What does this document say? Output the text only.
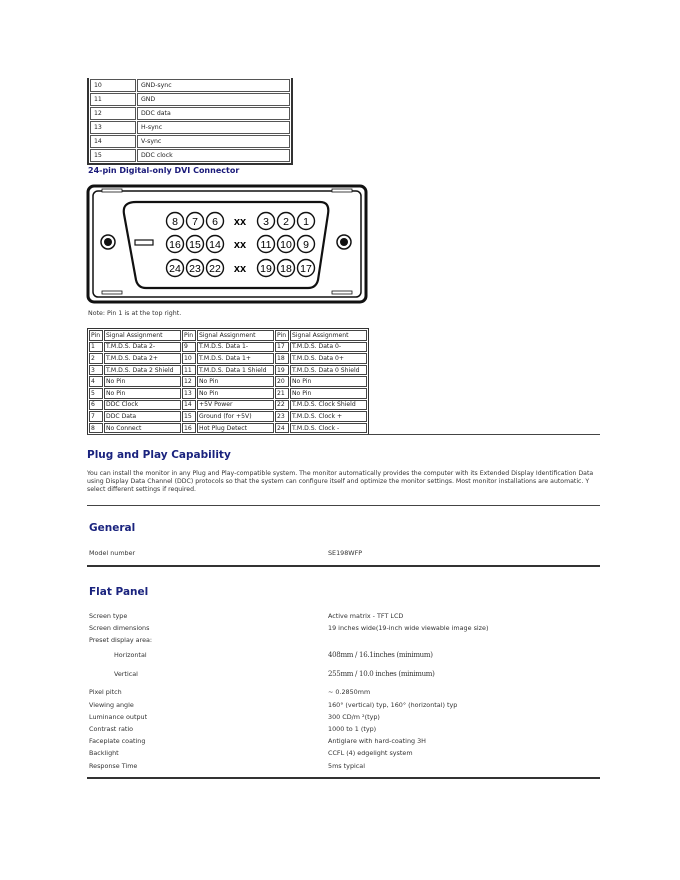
10	GND-sync
11	GND
12	DDC data
13	H-sync
14	V-sync
15	DDC clock
24-pin Digital-only DVI Connector
8 7 6 xx 3 2 1
16 15 14 xx 11 10 9
24 23 22 xx 19 18 17
Note: Pin 1 is at the top right.
Pin	Signal Assignment	Pin	Signal Assignment	Pin	Signal Assignment
1	T.M.D.S. Data 2-	9	T.M.D.S. Data 1-	17	T.M.D.S. Data 0-
2	T.M.D.S. Data 2+	10	T.M.D.S. Data 1+	18	T.M.D.S. Data 0+
3	T.M.D.S. Data 2 Shield	11	T.M.D.S. Data 1 Shield	19	T.M.D.S. Data 0 Shield
4	No Pin	12	No Pin	20	No Pin
5	No Pin	13	No Pin	21	No Pin
6	DDC Clock	14	+5V Power	22	T.M.D.S. Clock Shield
7	DDC Data	15	Ground (for +5V)	23	T.M.D.S. Clock +
8	No Connect	16	Hot Plug Detect	24	T.M.D.S. Clock -
Plug and Play Capability
You can install the monitor in any Plug and Play-compatible system. The monitor automatically provides the computer with its Extended Display Identification Data
using Display Data Channel (DDC) protocols so that the system can configure itself and optimize the monitor settings. Most monitor installations are automatic. Y
select different settings if required.
General
Model number	SE198WFP
Flat Panel
Screen type	Active matrix - TFT LCD
Screen dimensions	19 inches wide(19-inch wide viewable image size)
Preset display area:
Horizontal	408mm / 16.1inches (minimum)
Vertical	255mm / 10.0 inches (minimum)
Pixel pitch	~ 0.2850mm
Viewing angle	160° (vertical) typ, 160° (horizontal) typ
Luminance output	300 CD/m ²(typ)
Contrast ratio	1000 to 1 (typ)
Faceplate coating	Antiglare with hard-coating 3H
Backlight	CCFL (4) edgelight system
Response Time	5ms typical
